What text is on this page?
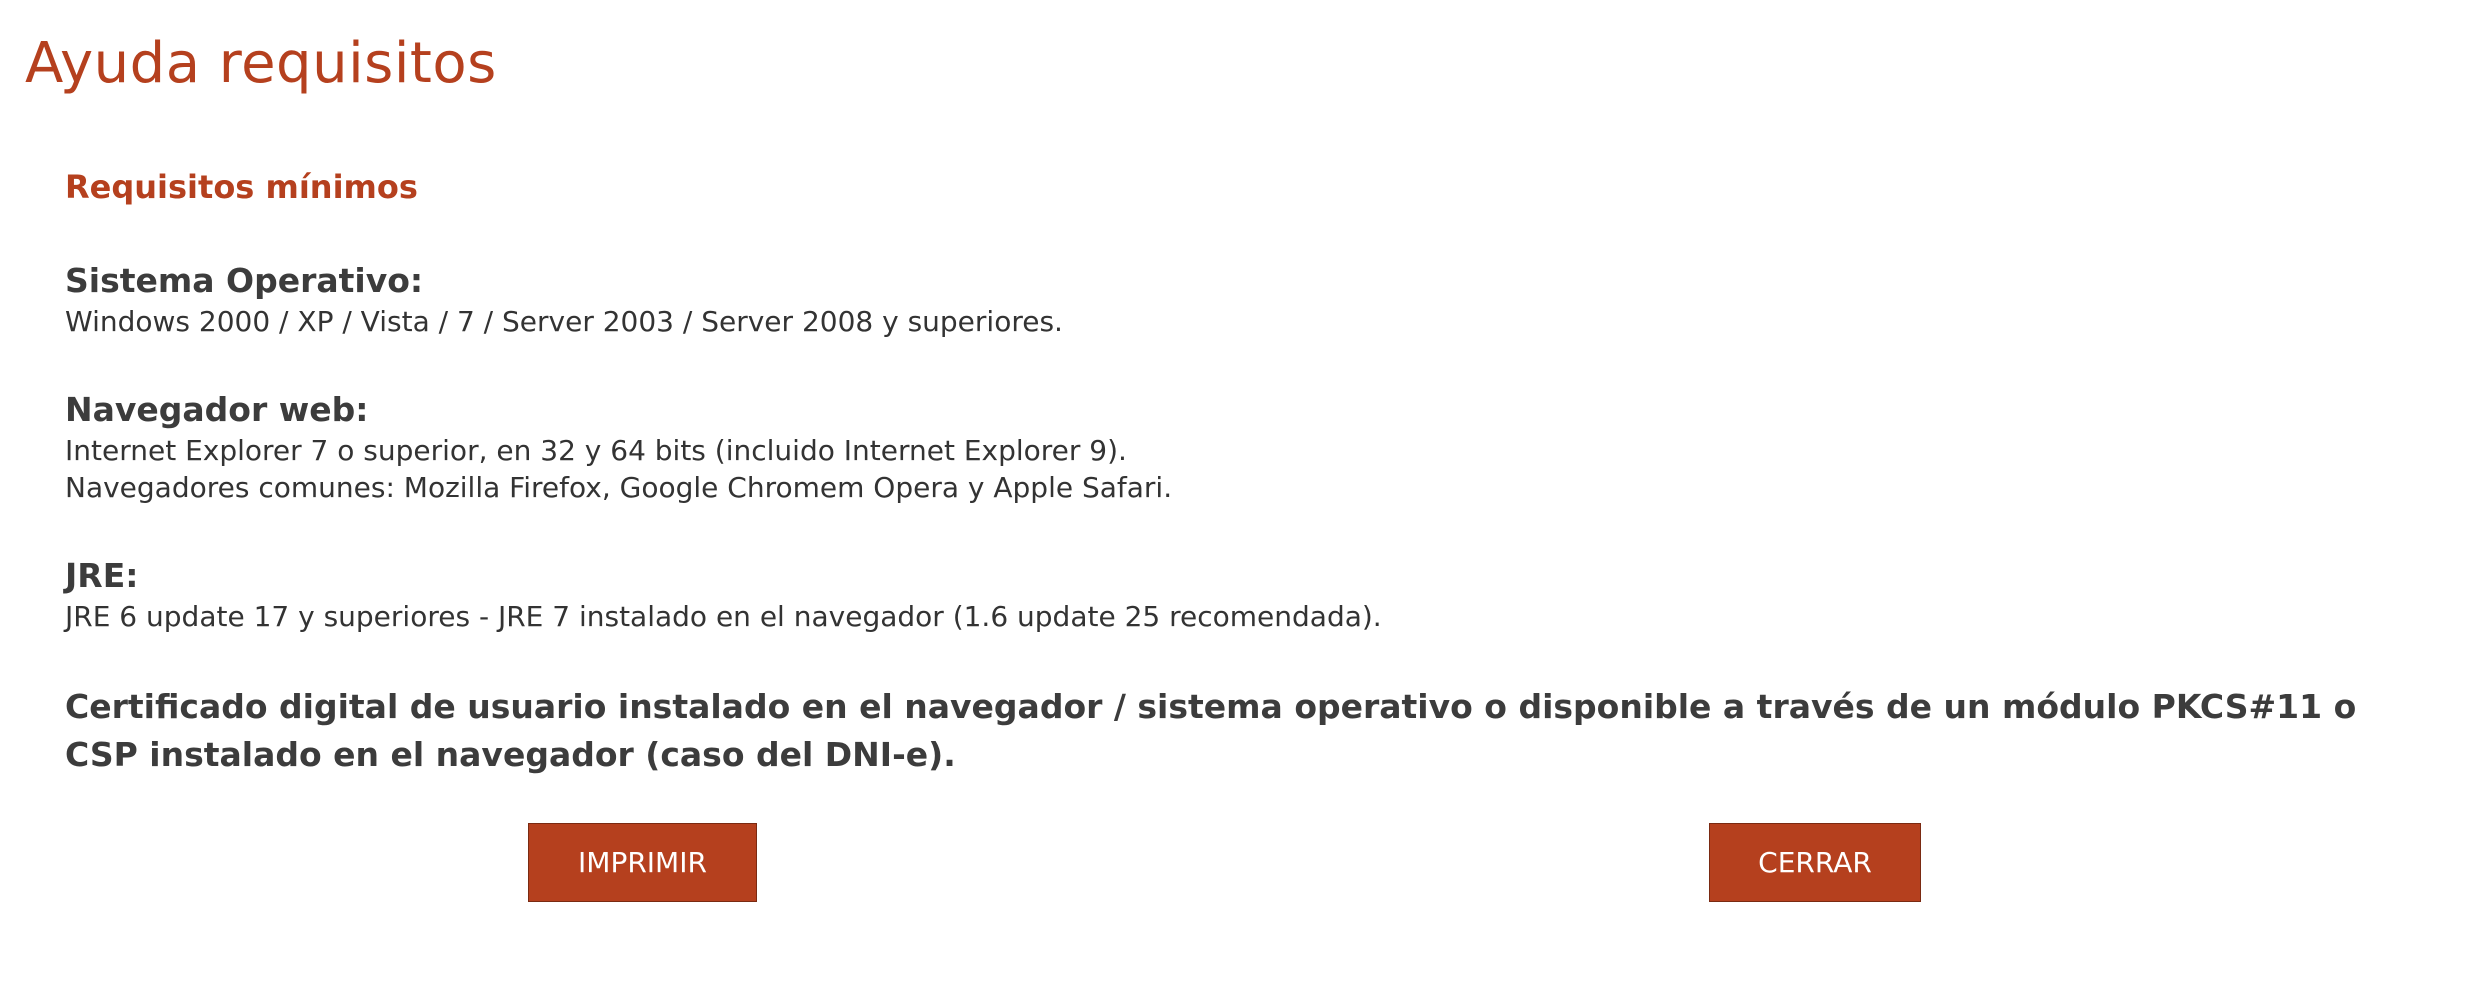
Ayuda requisitos
Requisitos mínimos
Sistema Operativo:
Windows 2000 / XP / Vista / 7 / Server 2003 / Server 2008 y superiores.
Navegador web:
Internet Explorer 7 o superior, en 32 y 64 bits (incluido Internet Explorer 9).
Navegadores comunes: Mozilla Firefox, Google Chromem Opera y Apple Safari.
JRE:
JRE 6 update 17 y superiores - JRE 7 instalado en el navegador (1.6 update 25 recomendada).

Certificado digital de usuario instalado en el navegador / sistema operativo o disponible a través de un módulo PKCS#11 o CSP instalado en el navegador (caso del DNI-e).

IMPRIMIR	CERRAR
